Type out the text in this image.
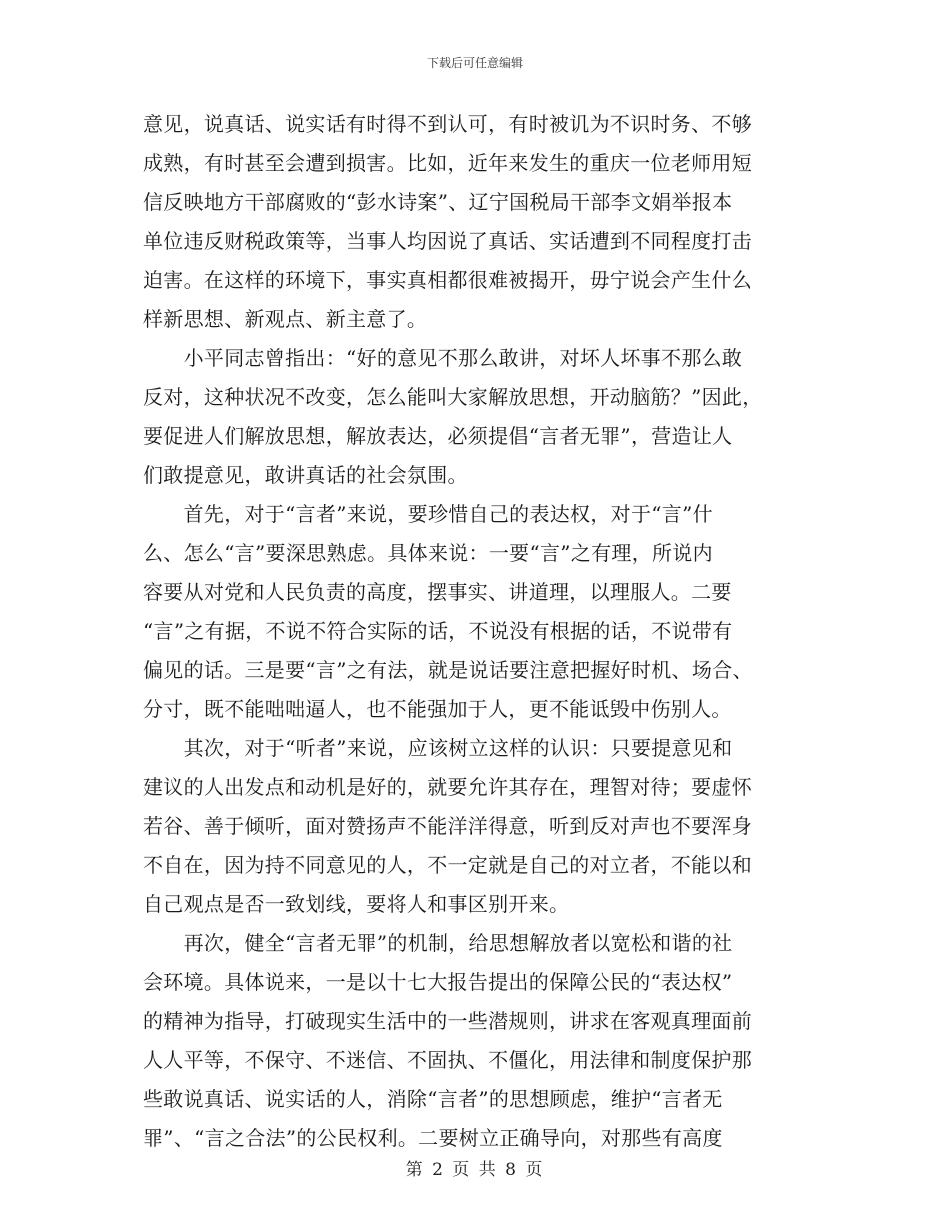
下载后可任意编辑
意见，说真话、说实话有时得不到认可，有时被讥为不识时务、不够
成熟，有时甚至会遭到损害。比如，近年来发生的重庆一位老师用短
信反映地方干部腐败的“彭水诗案”、辽宁国税局干部李文娟举报本
单位违反财税政策等，当事人均因说了真话、实话遭到不同程度打击
迫害。在这样的环境下，事实真相都很难被揭开，毋宁说会产生什么
样新思想、新观点、新主意了。
　　小平同志曾指出：“好的意见不那么敢讲，对坏人坏事不那么敢
反对，这种状况不改变，怎么能叫大家解放思想，开动脑筋？”因此，
要促进人们解放思想，解放表达，必须提倡“言者无罪”，营造让人
们敢提意见，敢讲真话的社会氛围。
　　首先，对于“言者”来说，要珍惜自己的表达权，对于“言”什
么、怎么“言”要深思熟虑。具体来说：一要“言”之有理，所说内
容要从对党和人民负责的高度，摆事实、讲道理，以理服人。二要
“言”之有据，不说不符合实际的话，不说没有根据的话，不说带有
偏见的话。三是要“言”之有法，就是说话要注意把握好时机、场合、
分寸，既不能咄咄逼人，也不能强加于人，更不能诋毁中伤别人。
　　其次，对于“听者”来说，应该树立这样的认识：只要提意见和
建议的人出发点和动机是好的，就要允许其存在，理智对待；要虚怀
若谷、善于倾听，面对赞扬声不能洋洋得意，听到反对声也不要浑身
不自在，因为持不同意见的人，不一定就是自己的对立者，不能以和
自己观点是否一致划线，要将人和事区别开来。
　　再次，健全“言者无罪”的机制，给思想解放者以宽松和谐的社
会环境。具体说来，一是以十七大报告提出的保障公民的“表达权”
的精神为指导，打破现实生活中的一些潜规则，讲求在客观真理面前
人人平等，不保守、不迷信、不固执、不僵化，用法律和制度保护那
些敢说真话、说实话的人，消除“言者”的思想顾虑，维护“言者无
罪”、“言之合法”的公民权利。二要树立正确导向，对那些有高度
第 2 页 共 8 页
